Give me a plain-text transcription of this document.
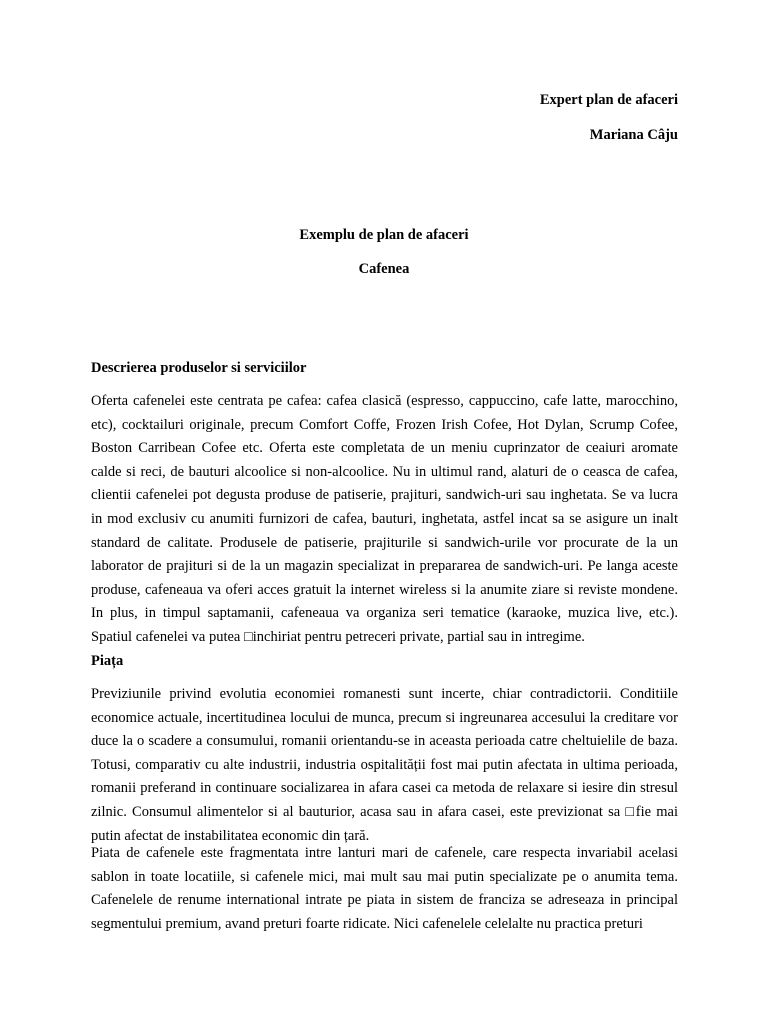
Expert plan de afaceri
Mariana Câju
Exemplu de plan de afaceri
Cafenea
Descrierea produselor si serviciilor
Oferta cafenelei este centrata pe cafea: cafea clasică (espresso, cappuccino, cafe latte, marocchino, etc), cocktailuri originale, precum Comfort Coffe, Frozen Irish Cofee, Hot Dylan, Scrump Cofee, Boston Carribean Cofee etc. Oferta este completata de un meniu cuprinzator de ceaiuri aromate calde si reci, de bauturi alcoolice si non-alcoolice. Nu in ultimul rand, alaturi de o ceasca de cafea, clientii cafenelei pot degusta produse de patiserie, prajituri, sandwich-uri sau inghetata. Se va lucra in mod exclusiv cu anumiti furnizori de cafea, bauturi, inghetata, astfel incat sa se asigure un inalt standard de calitate. Produsele de patiserie, prajiturile si sandwich-urile vor procurate de la un laborator de prajituri si de la un magazin specializat in prepararea de sandwich-uri. Pe langa aceste produse, cafeneaua va oferi acces gratuit la internet wireless si la anumite ziare si reviste mondene. In plus, in timpul saptamanii, cafeneaua va organiza seri tematice (karaoke, muzica live, etc.). Spatiul cafenelei va putea □inchiriat pentru petreceri private, partial sau in intregime.
Piața
Previziunile privind evolutia economiei romanesti sunt incerte, chiar contradictorii. Conditiile economice actuale, incertitudinea locului de munca, precum si ingreunarea accesului la creditare vor duce la o scadere a consumului, romanii orientandu-se in aceasta perioada catre cheltuielile de baza. Totusi, comparativ cu alte industrii, industria ospitalității fost mai putin afectata in ultima perioada, romanii preferand in continuare socializarea in afara casei ca metoda de relaxare si iesire din stresul zilnic. Consumul alimentelor si al bauturior, acasa sau in afara casei, este previzionat sa □fie mai putin afectat de instabilitatea economic din țară.
Piata de cafenele este fragmentata intre lanturi mari de cafenele, care respecta invariabil acelasi sablon in toate locatiile, si cafenele mici, mai mult sau mai putin specializate pe o anumita tema. Cafenelele de renume international intrate pe piata in sistem de franciza se adreseaza in principal segmentului premium, avand preturi foarte ridicate. Nici cafenelele celelalte nu practica preturi
